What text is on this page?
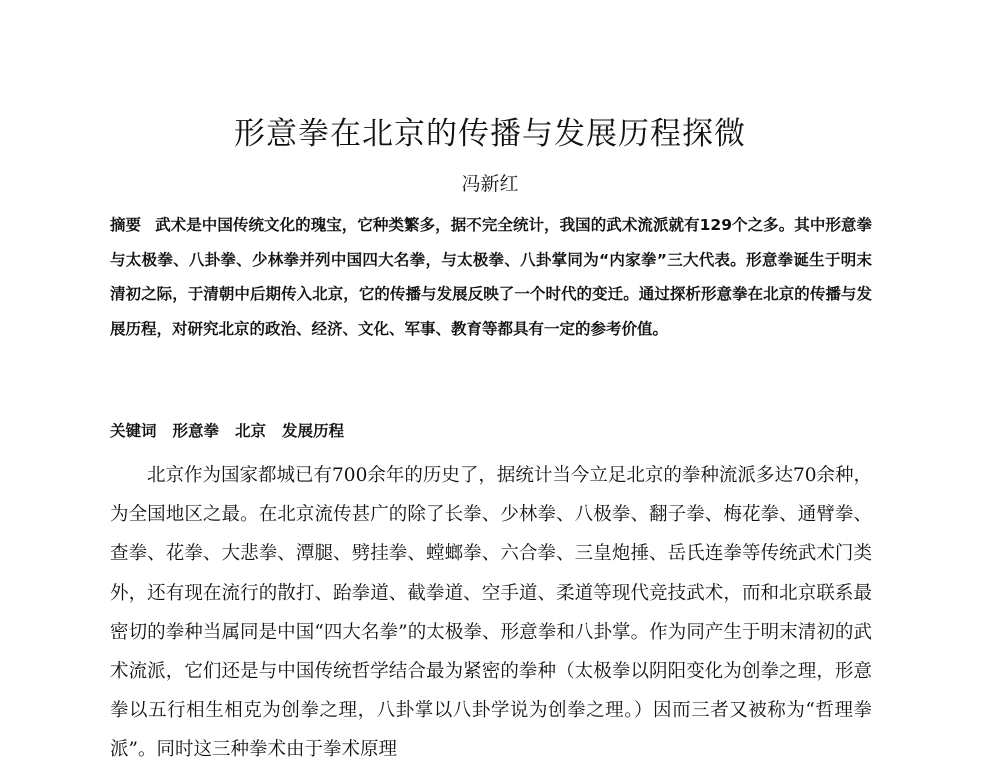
形意拳在北京的传播与发展历程探微
冯新红
摘要 武术是中国传统文化的瑰宝，它种类繁多，据不完全统计，我国的武术流派就有129个之多。其中形意拳与太极拳、八卦拳、少林拳并列中国四大名拳，与太极拳、八卦掌同为“内家拳”三大代表。形意拳诞生于明末清初之际，于清朝中后期传入北京，它的传播与发展反映了一个时代的变迁。通过探析形意拳在北京的传播与发展历程，对研究北京的政治、经济、文化、军事、教育等都具有一定的参考价值。
关键词 形意拳 北京 发展历程

北京作为国家都城已有700余年的历史了，据统计当今立足北京的拳种流派多达70余种，为全国地区之最。在北京流传甚广的除了长拳、少林拳、八极拳、翻子拳、梅花拳、通臂拳、查拳、花拳、大悲拳、潭腿、劈挂拳、螳螂拳、六合拳、三皇炮捶、岳氏连拳等传统武术门类外，还有现在流行的散打、跆拳道、截拳道、空手道、柔道等现代竞技武术，而和北京联系最密切的拳种当属同是中国“四大名拳”的太极拳、形意拳和八卦掌。作为同产生于明末清初的武术流派，它们还是与中国传统哲学结合最为紧密的拳种（太极拳以阴阳变化为创拳之理，形意拳以五行相生相克为创拳之理，八卦掌以八卦学说为创拳之理。）因而三者又被称为“哲理拳派”。同时这三种拳术由于拳术原理
